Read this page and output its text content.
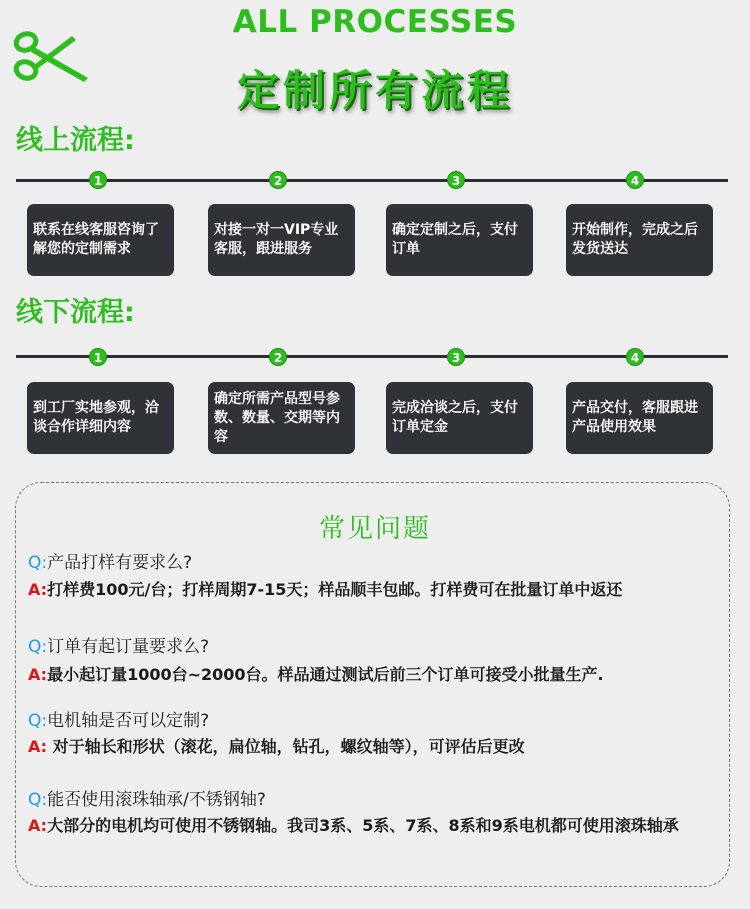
ALL PROCESSES
定制所有流程
线上流程:
1	2	3	4
联系在线客服咨询了解您的定制需求
对接一对一VIP专业客服，跟进服务
确定定制之后，支付订单
开始制作，完成之后发货送达
线下流程:
1	2	3	4
到工厂实地参观，洽谈合作详细内容
确定所需产品型号参数、数量、交期等内容
完成洽谈之后，支付订单定金
产品交付，客服跟进产品使用效果
常见问题
Q:产品打样有要求么?
A:打样费100元/台；打样周期7-15天；样品顺丰包邮。打样费可在批量订单中返还
Q:订单有起订量要求么?
A:最小起订量1000台~2000台。样品通过测试后前三个订单可接受小批量生产.
Q:电机轴是否可以定制?
A: 对于轴长和形状（滚花，扁位轴，钻孔，螺纹轴等），可评估后更改
Q:能否使用滚珠轴承/不锈钢轴?
A:大部分的电机均可使用不锈钢轴。我司3系、5系、7系、8系和9系电机都可使用滚珠轴承
